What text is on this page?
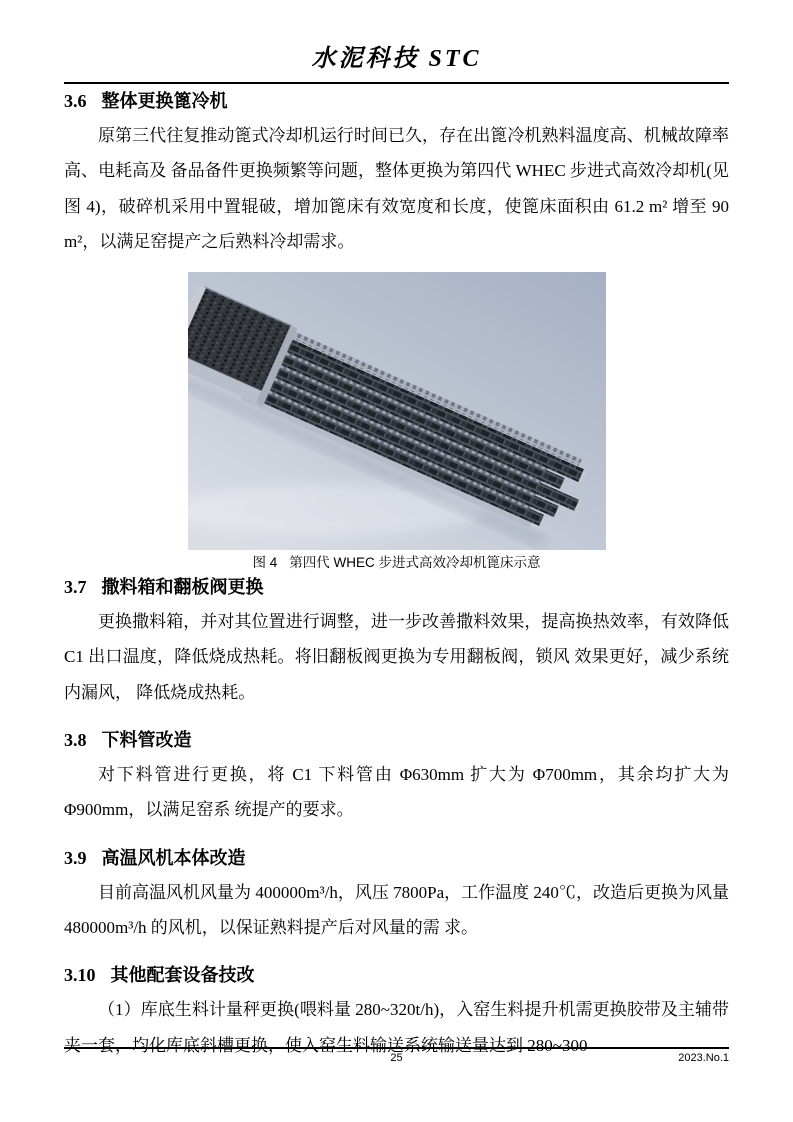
水泥科技 STC
3.6 整体更换篦冷机

原第三代往复推动篦式冷却机运行时间已久，存在出篦冷机熟料温度高、机械故障率高、电耗高及 备品备件更换频繁等问题，整体更换为第四代 WHEC 步进式高效冷却机(见图 4)，破碎机采用中置辊破，增加篦床有效宽度和长度，使篦床面积由 61.2 m² 增至 90 m²，以满足窑提产之后熟料冷却需求。

图 4 第四代 WHEC 步进式高效冷却机篦床示意
3.7 撒料箱和翻板阀更换

更换撒料箱，并对其位置进行调整，进一步改善撒料效果，提高换热效率，有效降低 C1 出口温度，降低烧成热耗。将旧翻板阀更换为专用翻板阀，锁风 效果更好，减少系统内漏风， 降低烧成热耗。

3.8 下料管改造

对下料管进行更换，将 C1 下料管由 Φ630mm 扩大为 Φ700mm，其余均扩大为 Φ900mm，以满足窑系 统提产的要求。

3.9 高温风机本体改造

目前高温风机风量为 400000m³/h，风压 7800Pa，工作温度 240℃，改造后更换为风量 480000m³/h 的风机，以保证熟料提产后对风量的需 求。

3.10 其他配套设备技改

（1）库底生料计量秤更换(喂料量 280~320t/h)，入窑生料提升机需更换胶带及主辅带夹一套，均化库底斜槽更换，使入窑生料输送系统输送量达到 280~300

25	2023.No.1
